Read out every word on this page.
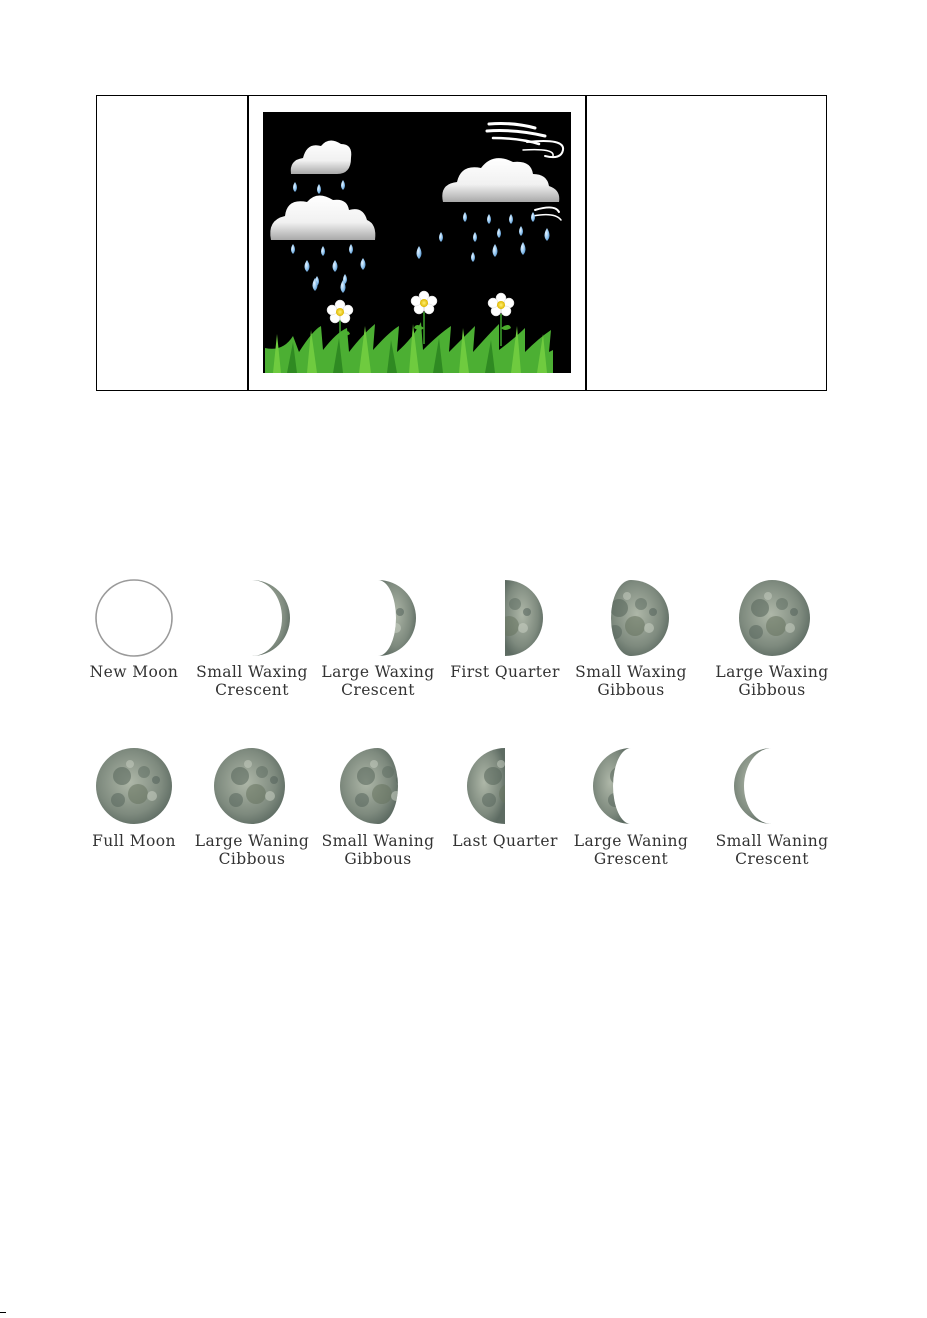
New Moon	Small Waxing
Crescent
Large Waxing
Crescent
First Quarter Small Waxing
Gibbous
Large Waxing
Gibbous
Full Moon	Large Waning
Cibbous
Small Waning
Gibbous
Last Quarter	Large Waning
Grescent
Small Waning
Crescent
